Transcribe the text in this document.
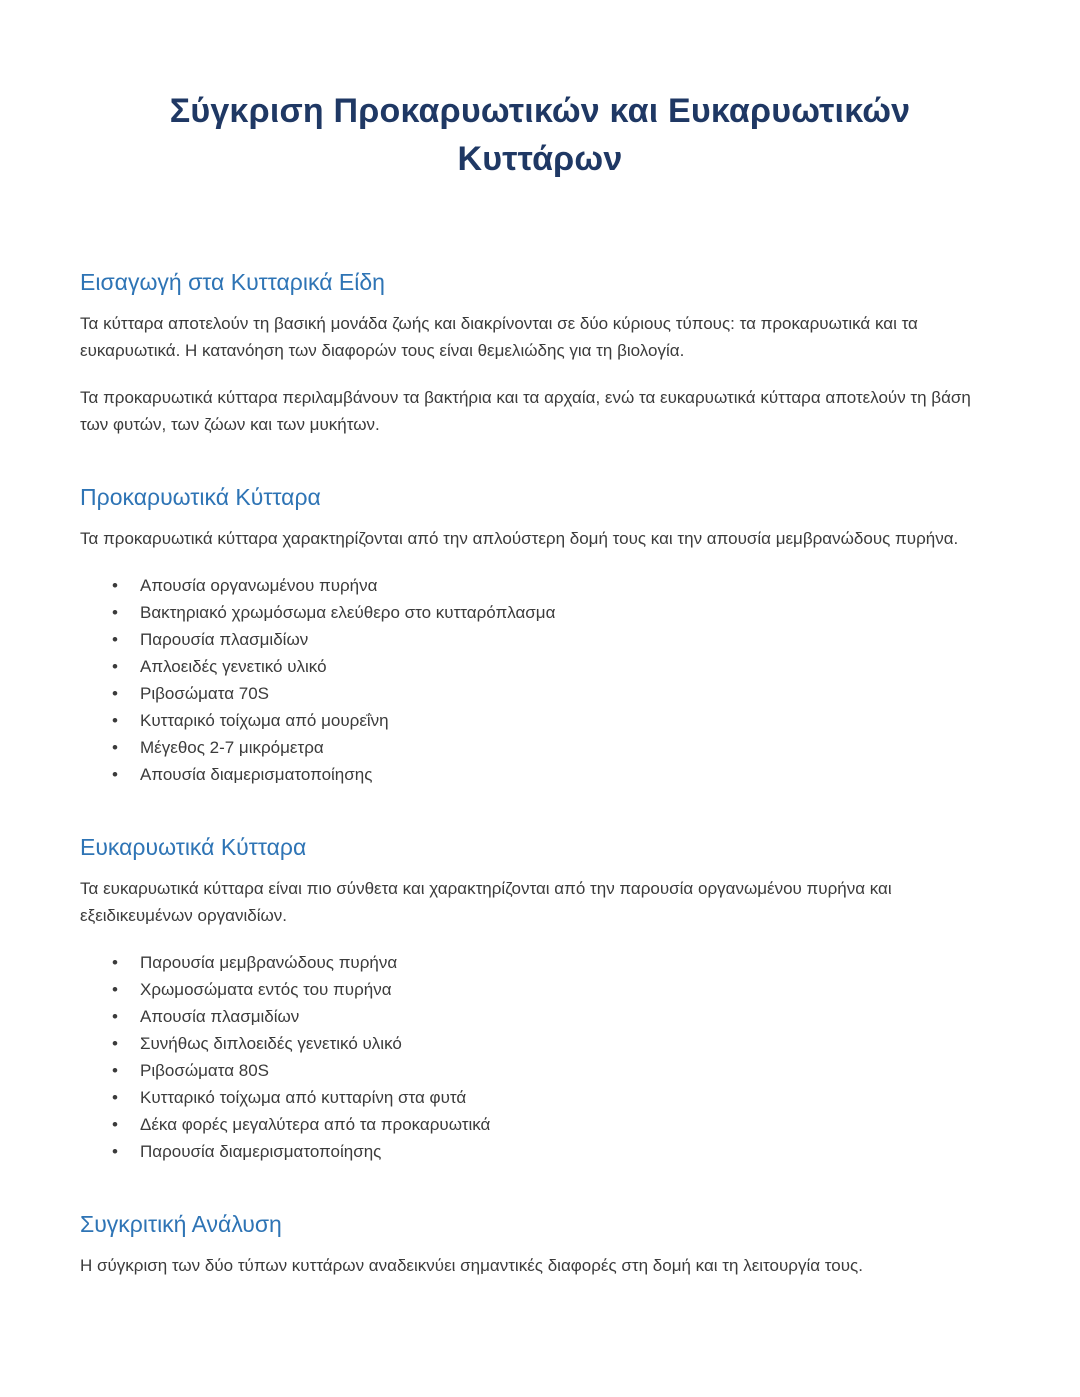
Σύγκριση Προκαρυωτικών και Ευκαρυωτικών Κυττάρων
Εισαγωγή στα Κυτταρικά Είδη

Τα κύτταρα αποτελούν τη βασική μονάδα ζωής και διακρίνονται σε δύο κύριους τύπους: τα προκαρυωτικά και τα ευκαρυωτικά. Η κατανόηση των διαφορών τους είναι θεμελιώδης για τη βιολογία.

Τα προκαρυωτικά κύτταρα περιλαμβάνουν τα βακτήρια και τα αρχαία, ενώ τα ευκαρυωτικά κύτταρα αποτελούν τη βάση των φυτών, των ζώων και των μυκήτων.

Προκαρυωτικά Κύτταρα

Τα προκαρυωτικά κύτταρα χαρακτηρίζονται από την απλούστερη δομή τους και την απουσία μεμβρανώδους πυρήνα.

• Απουσία οργανωμένου πυρήνα
• Βακτηριακό χρωμόσωμα ελεύθερο στο κυτταρόπλασμα
• Παρουσία πλασμιδίων
• Απλοειδές γενετικό υλικό
• Ριβοσώματα 70S
• Κυτταρικό τοίχωμα από μουρεΐνη
• Μέγεθος 2-7 μικρόμετρα
• Απουσία διαμερισματοποίησης
Ευκαρυωτικά Κύτταρα

Τα ευκαρυωτικά κύτταρα είναι πιο σύνθετα και χαρακτηρίζονται από την παρουσία οργανωμένου πυρήνα και εξειδικευμένων οργανιδίων.

• Παρουσία μεμβρανώδους πυρήνα
• Χρωμοσώματα εντός του πυρήνα
• Απουσία πλασμιδίων
• Συνήθως διπλοειδές γενετικό υλικό
• Ριβοσώματα 80S
• Κυτταρικό τοίχωμα από κυτταρίνη στα φυτά
• Δέκα φορές μεγαλύτερα από τα προκαρυωτικά
• Παρουσία διαμερισματοποίησης
Συγκριτική Ανάλυση

Η σύγκριση των δύο τύπων κυττάρων αναδεικνύει σημαντικές διαφορές στη δομή και τη λειτουργία τους.
